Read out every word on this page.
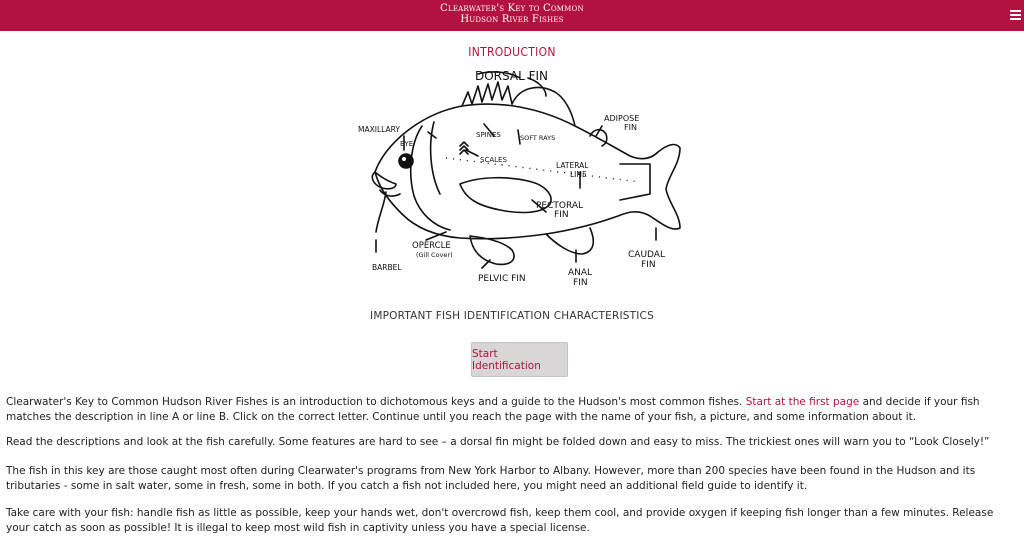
Clearwater's Key to Common
Hudson River Fishes
INTRODUCTION
DORSAL FIN
MAXILLARY
EYE
SPINES	SOFT RAYS
SCALES
ADIPOSE
FIN
LATERAL
LINE
PECTORAL
FIN
OPERCLE
(Gill Cover)
BARBEL
PELVIC FIN
ANAL
FIN
CAUDAL
FIN
IMPORTANT FISH IDENTIFICATION CHARACTERISTICS
Start Identification
Clearwater's Key to Common Hudson River Fishes is an introduction to dichotomous keys and a guide to the Hudson's most common fishes. Start at the first page and decide if your fish matches the description in line A or line B. Click on the correct letter. Continue until you reach the page with the name of your fish, a picture, and some information about it.
Read the descriptions and look at the fish carefully. Some features are hard to see – a dorsal fin might be folded down and easy to miss. The trickiest ones will warn you to “Look Closely!”
The fish in this key are those caught most often during Clearwater's programs from New York Harbor to Albany. However, more than 200 species have been found in the Hudson and its tributaries - some in salt water, some in fresh, some in both. If you catch a fish not included here, you might need an additional field guide to identify it.
Take care with your fish: handle fish as little as possible, keep your hands wet, don't overcrowd fish, keep them cool, and provide oxygen if keeping fish longer than a few minutes. Release your catch as soon as possible! It is illegal to keep most wild fish in captivity unless you have a special license.
